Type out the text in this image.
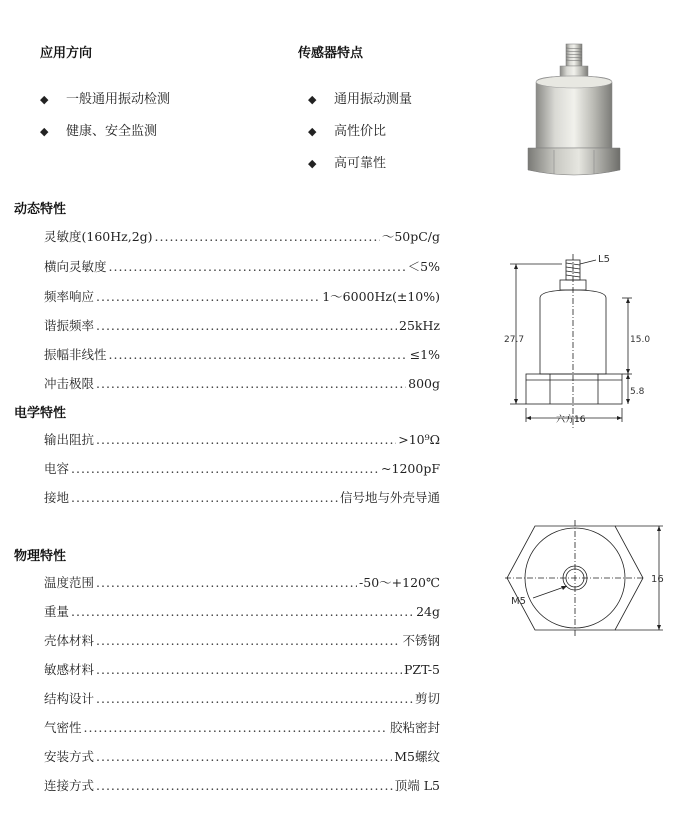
应用方向
◆ 一般通用振动检测
◆ 健康、安全监测
传感器特点
◆ 通用振动测量
◆ 高性价比
◆ 高可靠性
动态特性
灵敏度(160Hz,2g) .....	～50pC/g
横向灵敏度 .....	＜5%
频率响应 .....	1～6000Hz(±10%)
谐振频率 .....	25kHz
振幅非线性 .....	≤1%
冲击极限 .....	800g
电学特性
输出阻抗 .....	>10⁹Ω
电容 .....	~1200pF
接地 .....	信号地与外壳导通
物理特性
温度范围 .....	-50～+120℃
重量 .....	24g
壳体材料 .....	不锈钢
敏感材料 .....	PZT-5
结构设计 .....	剪切
气密性 .....	胶粘密封
安装方式 .....	M5螺纹
连接方式 .....	顶端 L5
L5
27.7	15.0
5.8
六方16
M5
16
